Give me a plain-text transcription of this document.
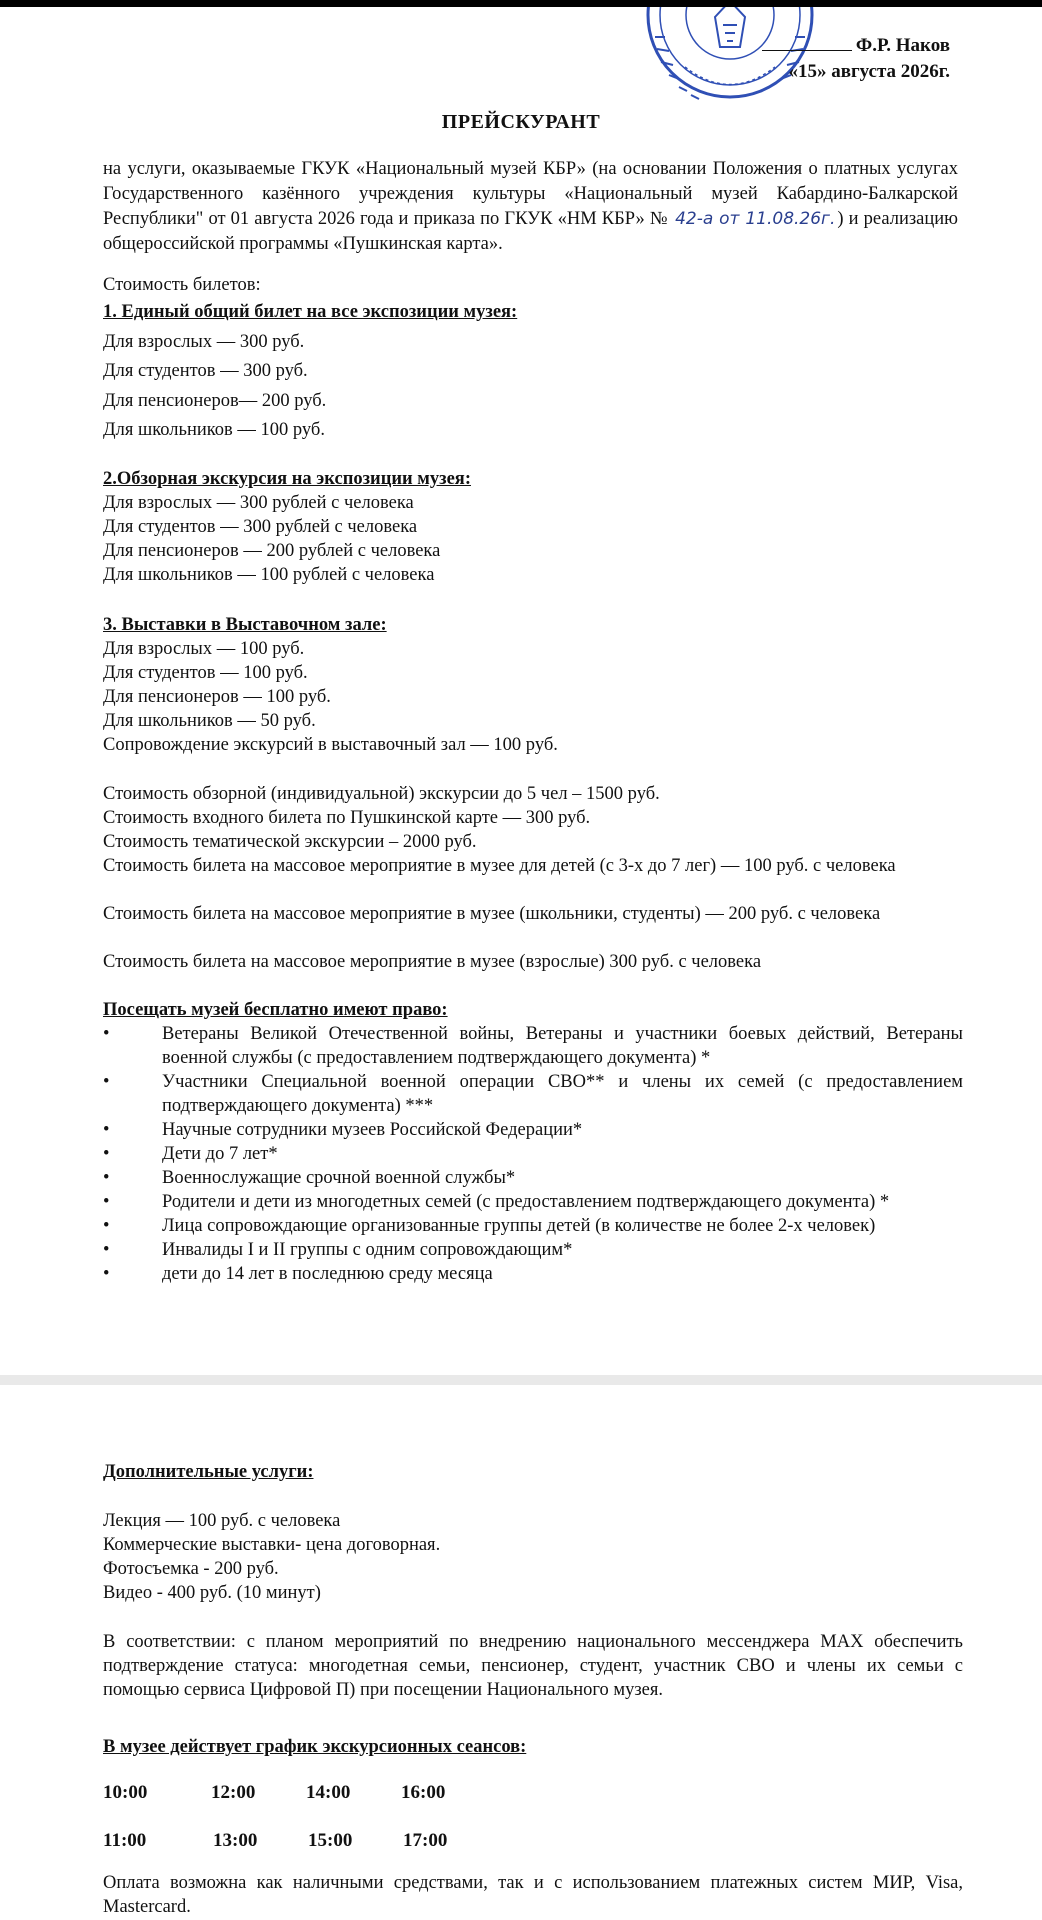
Ф.Р. Наков
«15» августа 2026г.
ПРЕЙСКУРАНТ
на услуги, оказываемые ГКУК «Национальный музей КБР» (на основании Положения о платных услугах Государственного казённого учреждения культуры «Национальный музей Кабардино-Балкарской Республики" от 01 августа 2026 года и приказа по ГКУК «НМ КБР» № 42-а от 11.08.26г. ) и реализацию общероссийской программы «Пушкинская карта».
Стоимость билетов:
1. Единый общий билет на все экспозиции музея:
Для взрослых — 300 руб.
Для студентов — 300 руб.
Для пенсионеров— 200 руб.
Для школьников — 100 руб.
2.Обзорная экскурсия на экспозиции музея:
Для взрослых — 300 рублей с человека
Для студентов — 300 рублей с человека
Для пенсионеров — 200 рублей с человека
Для школьников — 100 рублей с человека
3. Выставки в Выставочном зале:
Для взрослых — 100 руб.
Для студентов — 100 руб.
Для пенсионеров — 100 руб.
Для школьников — 50 руб.
Сопровождение экскурсий в выставочный зал — 100 руб.
Стоимость обзорной (индивидуальной) экскурсии до 5 чел – 1500 руб.
Стоимость входного билета по Пушкинской карте — 300 руб.
Стоимость тематической экскурсии – 2000 руб.
Стоимость билета на массовое мероприятие в музее для детей (с 3-х до 7 лег) — 100 руб. с человека
Стоимость билета на массовое мероприятие в музее (школьники, студенты) — 200 руб. с человека
Стоимость билета на массовое мероприятие в музее (взрослые) 300 руб. с человека
Посещать музей бесплатно имеют право:
•	Ветераны Великой Отечественной войны, Ветераны и участники боевых действий, Ветераны военной службы (с предоставлением подтверждающего документа) *
•	Участники Специальной военной операции СВО** и члены их семей (с предоставлением подтверждающего документа) ***
•	Научные сотрудники музеев Российской Федерации*
•	Дети до 7 лет*
•	Военнослужащие срочной военной службы*
•	Родители и дети из многодетных семей (с предоставлением подтверждающего документа) *
•	Лица сопровождающие организованные группы детей (в количестве не более 2-х человек)
•	Инвалиды I и II группы с одним сопровождающим*
•	дети до 14 лет в последнюю среду месяца
Дополнительные услуги:
Лекция — 100 руб. с человека
Коммерческие выставки- цена договорная.
Фотосъемка - 200 руб.
Видео - 400 руб. (10 минут)
В соответствии: с планом мероприятий по внедрению национального мессенджера МАХ обеспечить подтверждение статуса: многодетная семьи, пенсионер, студент, участник СВО и члены их семьи с помощью сервиса Цифровой П) при посещении Национального музея.
В музее действует график экскурсионных сеансов:
10:00	12:00	14:00	16:00
11:00	13:00	15:00	17:00
Оплата возможна как наличными средствами, так и с использованием платежных систем МИР, Visa, Mastercard.
